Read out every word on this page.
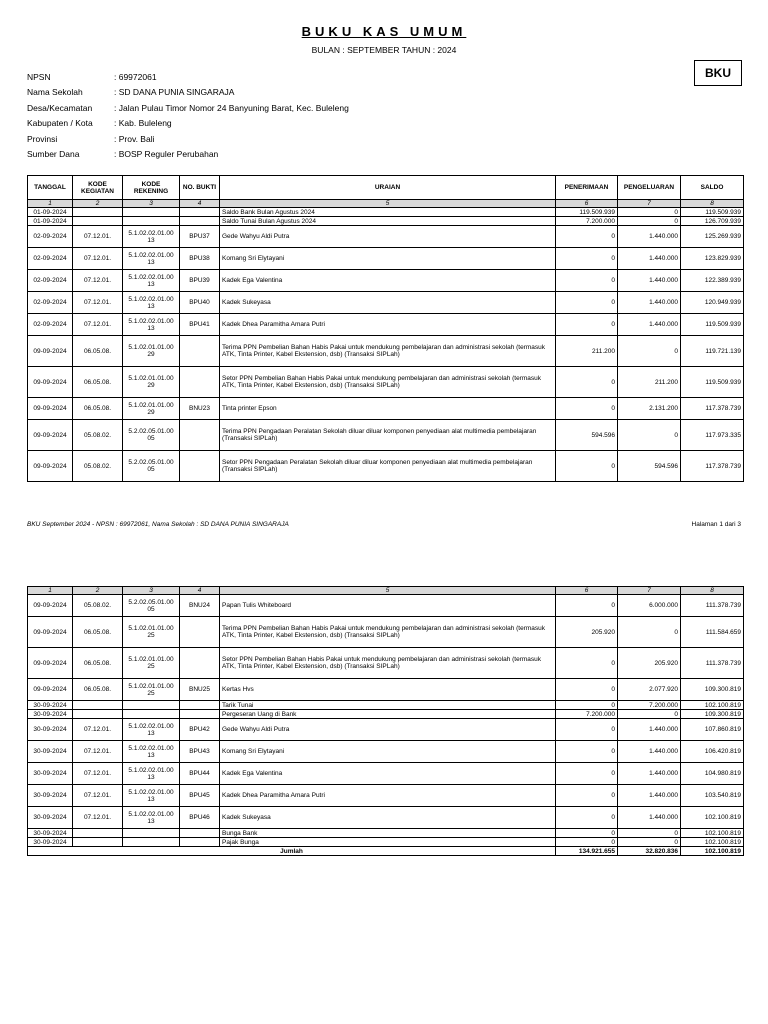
BUKU KAS UMUM
BULAN : SEPTEMBER TAHUN : 2024
BKU
NPSN	: 69972061
Nama Sekolah	: SD DANA PUNIA SINGARAJA
Desa/Kecamatan	: Jalan Pulau Timor Nomor 24 Banyuning Barat, Kec. Buleleng
Kabupaten / Kota	: Kab. Buleleng
Provinsi	: Prov. Bali
Sumber Dana	: BOSP Reguler Perubahan
TANGGAL	KODE KEGIATAN	KODE REKENING	NO. BUKTI	URAIAN	PENERIMAAN	PENGELUARAN	SALDO
1	2	3	4	5	6	7	8
01-09-2024				Saldo Bank Bulan Agustus 2024	119.509.939	0	119.509.939
01-09-2024				Saldo Tunai Bulan Agustus 2024	7.200.000	0	126.709.939
02-09-2024	07.12.01.	5.1.02.02.01.00 13	BPU37	Gede Wahyu Aldi Putra	0	1.440.000	125.269.939
02-09-2024	07.12.01.	5.1.02.02.01.00 13	BPU38	Komang Sri Elytayani	0	1.440.000	123.829.939
02-09-2024	07.12.01.	5.1.02.02.01.00 13	BPU39	Kadek Ega Valentina	0	1.440.000	122.389.939
02-09-2024	07.12.01.	5.1.02.02.01.00 13	BPU40	Kadek Sukeyasa	0	1.440.000	120.949.939
02-09-2024	07.12.01.	5.1.02.02.01.00 13	BPU41	Kadek Dhea Paramitha Amara Putri	0	1.440.000	119.509.939
09-09-2024	06.05.08.	5.1.02.01.01.00 29		Terima PPN Pembelian Bahan Habis Pakai untuk mendukung pembelajaran dan administrasi sekolah (termasuk ATK, Tinta Printer, Kabel Ekstension, dsb) (Transaksi SIPLah)	211.200	0	119.721.139
09-09-2024	06.05.08.	5.1.02.01.01.00 29		Setor PPN Pembelian Bahan Habis Pakai untuk mendukung pembelajaran dan administrasi sekolah (termasuk ATK, Tinta Printer, Kabel Ekstension, dsb) (Transaksi SIPLah)	0	211.200	119.509.939
09-09-2024	06.05.08.	5.1.02.01.01.00 29	BNU23	Tinta printer Epson	0	2.131.200	117.378.739
09-09-2024	05.08.02.	5.2.02.05.01.00 05		Terima PPN Pengadaan Peralatan Sekolah diluar diluar komponen penyediaan alat multimedia pembelajaran (Transaksi SIPLah)	594.596	0	117.973.335
09-09-2024	05.08.02.	5.2.02.05.01.00 05		Setor PPN Pengadaan Peralatan Sekolah diluar diluar komponen penyediaan alat multimedia pembelajaran (Transaksi SIPLah)	0	594.596	117.378.739
BKU September 2024 - NPSN : 69972061, Nama Sekolah : SD DANA PUNIA SINGARAJA	Halaman 1 dari 3
1	2	3	4	5	6	7	8
09-09-2024	05.08.02.	5.2.02.05.01.00 05	BNU24	Papan Tulis Whiteboard	0	6.000.000	111.378.739
09-09-2024	06.05.08.	5.1.02.01.01.00 25		Terima PPN Pembelian Bahan Habis Pakai untuk mendukung pembelajaran dan administrasi sekolah (termasuk ATK, Tinta Printer, Kabel Ekstension, dsb) (Transaksi SIPLah)	205.920	0	111.584.659
09-09-2024	06.05.08.	5.1.02.01.01.00 25		Setor PPN Pembelian Bahan Habis Pakai untuk mendukung pembelajaran dan administrasi sekolah (termasuk ATK, Tinta Printer, Kabel Ekstension, dsb) (Transaksi SIPLah)	0	205.920	111.378.739
09-09-2024	06.05.08.	5.1.02.01.01.00 25	BNU25	Kertas Hvs	0	2.077.920	109.300.819
30-09-2024				Tarik Tunai	0	7.200.000	102.100.819
30-09-2024				Pergeseran Uang di Bank	7.200.000	0	109.300.819
30-09-2024	07.12.01.	5.1.02.02.01.00 13	BPU42	Gede Wahyu Aldi Putra	0	1.440.000	107.860.819
30-09-2024	07.12.01.	5.1.02.02.01.00 13	BPU43	Komang Sri Elytayani	0	1.440.000	106.420.819
30-09-2024	07.12.01.	5.1.02.02.01.00 13	BPU44	Kadek Ega Valentina	0	1.440.000	104.980.819
30-09-2024	07.12.01.	5.1.02.02.01.00 13	BPU45	Kadek Dhea Paramitha Amara Putri	0	1.440.000	103.540.819
30-09-2024	07.12.01.	5.1.02.02.01.00 13	BPU46	Kadek Sukeyasa	0	1.440.000	102.100.819
30-09-2024				Bunga Bank	0	0	102.100.819
30-09-2024				Pajak Bunga	0	0	102.100.819
Jumlah					134.921.655	32.820.836	102.100.819
